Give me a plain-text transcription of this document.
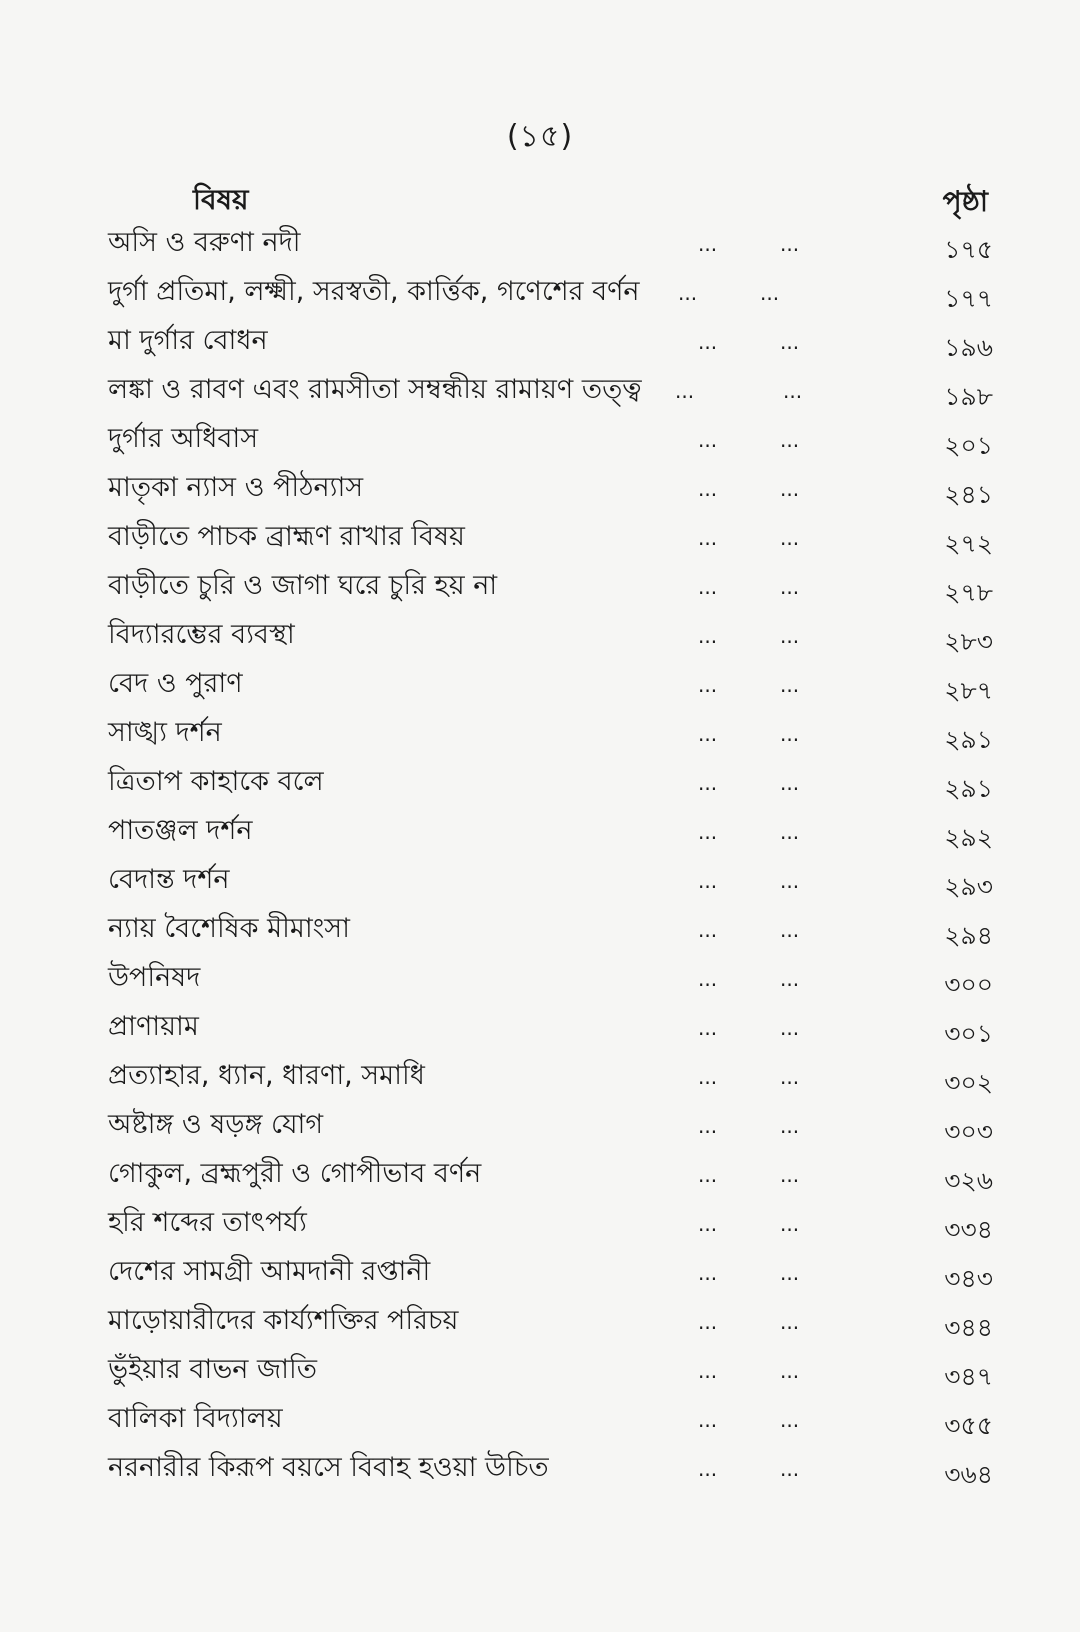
(১৫)
বিষয়	পৃষ্ঠা
অসি ও বরুণা নদী	...	...	১৭৫
দুর্গা প্রতিমা, লক্ষ্মী, সরস্বতী, কার্ত্তিক, গণেশের বর্ণন ...	...	১৭৭
মা দুর্গার বোধন	...	...	১৯৬
লঙ্কা ও রাবণ এবং রামসীতা সম্বন্ধীয় রামায়ণ তত্ত্ব ...	...	১৯৮
দুর্গার অধিবাস	...	...	২০১
মাতৃকা ন্যাস ও পীঠন্যাস	...	...	২৪১
বাড়ীতে পাচক ব্রাহ্মণ রাখার বিষয়	...	...	২৭২
বাড়ীতে চুরি ও জাগা ঘরে চুরি হয় না	...	...	২৭৮
বিদ্যারম্ভের ব্যবস্থা	...	...	২৮৩
বেদ ও পুরাণ	...	...	২৮৭
সাঙ্খ্য দর্শন	...	...	২৯১
ত্রিতাপ কাহাকে বলে	...	...	২৯১
পাতঞ্জল দর্শন	...	...	২৯২
বেদান্ত দর্শন	...	...	২৯৩
ন্যায় বৈশেষিক মীমাংসা	...	...	২৯৪
উপনিষদ	...	...	৩০০
প্রাণায়াম	...	...	৩০১
প্রত্যাহার, ধ্যান, ধারণা, সমাধি	...	...	৩০২
অষ্টাঙ্গ ও ষড়ঙ্গ যোগ	...	...	৩০৩
গোকুল, ব্রহ্মপুরী ও গোপীভাব বর্ণন	...	...	৩২৬
হরি শব্দের তাৎপর্য্য	...	...	৩৩৪
দেশের সামগ্রী আমদানী রপ্তানী	...	...	৩৪৩
মাড়োয়ারীদের কার্য্যশক্তির পরিচয়	...	...	৩৪৪
ভুঁইয়ার বাভন জাতি	...	...	৩৪৭
বালিকা বিদ্যালয়	...	...	৩৫৫
নরনারীর কিরূপ বয়সে বিবাহ হওয়া উচিত	...	...	৩৬৪
